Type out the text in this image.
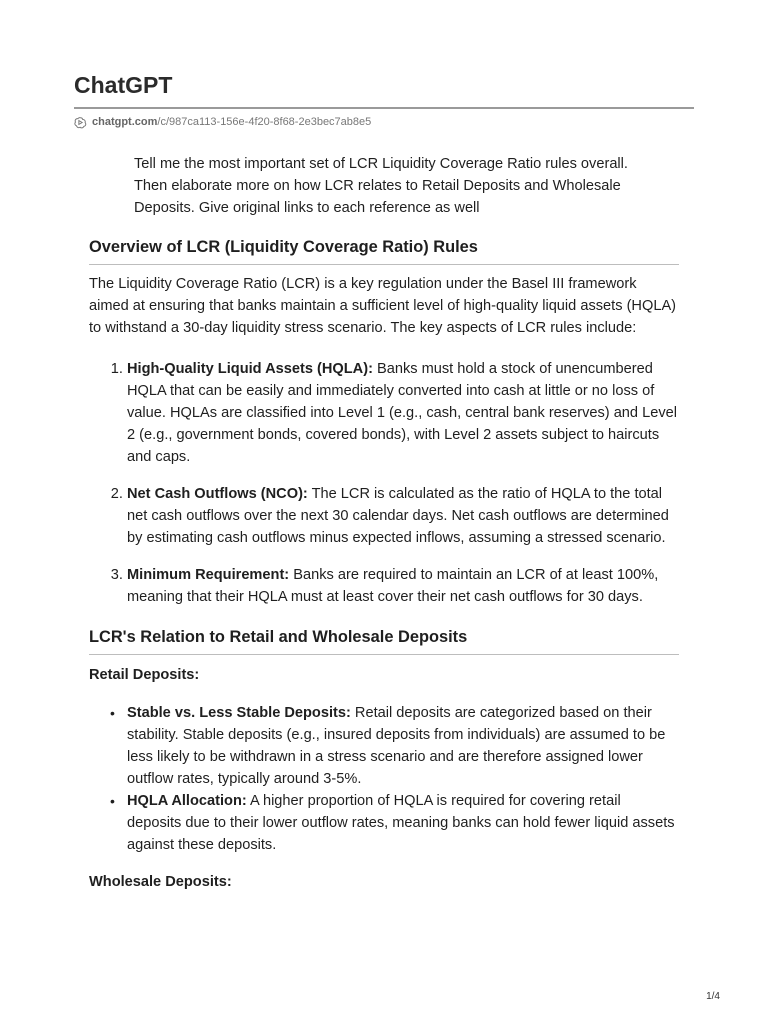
ChatGPT
chatgpt.com /c/987ca113-156e-4f20-8f68-2e3bec7ab8e5

Tell me the most important set of LCR Liquidity Coverage Ratio rules overall. Then elaborate more on how LCR relates to Retail Deposits and Wholesale Deposits. Give original links to each reference as well

Overview of LCR (Liquidity Coverage Ratio) Rules

The Liquidity Coverage Ratio (LCR) is a key regulation under the Basel III framework aimed at ensuring that banks maintain a sufficient level of high-quality liquid assets (HQLA) to withstand a 30-day liquidity stress scenario. The key aspects of LCR rules include:

1. High-Quality Liquid Assets (HQLA): Banks must hold a stock of unencumbered HQLA that can be easily and immediately converted into cash at little or no loss of value. HQLAs are classified into Level 1 (e.g., cash, central bank reserves) and Level 2 (e.g., government bonds, covered bonds), with Level 2 assets subject to haircuts and caps.
2. Net Cash Outflows (NCO): The LCR is calculated as the ratio of HQLA to the total net cash outflows over the next 30 calendar days. Net cash outflows are determined by estimating cash outflows minus expected inflows, assuming a stressed scenario.
3. Minimum Requirement: Banks are required to maintain an LCR of at least 100%, meaning that their HQLA must at least cover their net cash outflows for 30 days.
LCR's Relation to Retail and Wholesale Deposits

Retail Deposits:

• Stable vs. Less Stable Deposits: Retail deposits are categorized based on their stability. Stable deposits (e.g., insured deposits from individuals) are assumed to be less likely to be withdrawn in a stress scenario and are therefore assigned lower outflow rates, typically around 3-5%.
• HQLA Allocation: A higher proportion of HQLA is required for covering retail deposits due to their lower outflow rates, meaning banks can hold fewer liquid assets against these deposits.

Wholesale Deposits:

1/4
